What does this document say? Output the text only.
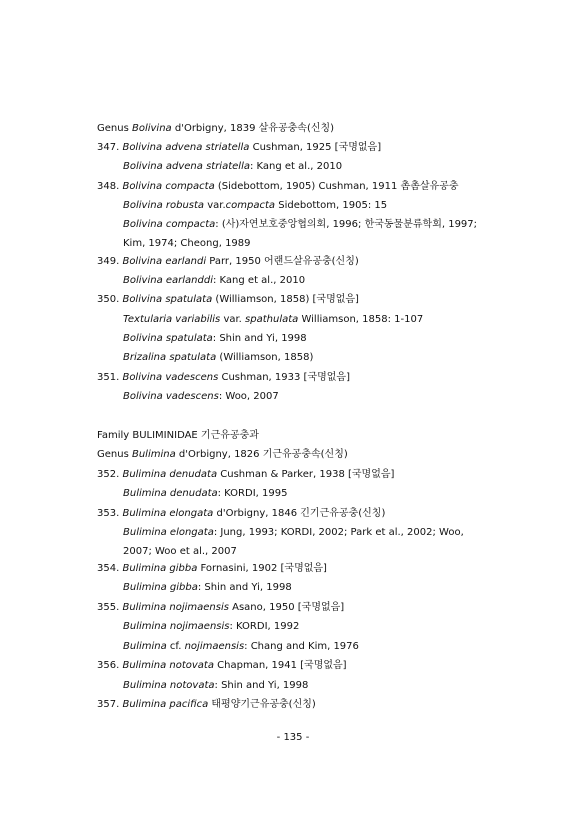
Genus Bolivina d'Orbigny, 1839 살유공충속(신칭)
347. Bolivina advena striatella Cushman, 1925 [국명없음]
Bolivina advena striatella: Kang et al., 2010
348. Bolivina compacta (Sidebottom, 1905) Cushman, 1911 촘촘살유공충
Bolivina robusta var.compacta Sidebottom, 1905: 15
Bolivina compacta: (사)자연보호중앙협의회, 1996; 한국동물분류학회, 1997; Kim, 1974; Cheong, 1989
349. Bolivina earlandi Parr, 1950 어랜드살유공충(신칭)
Bolivina earlanddi: Kang et al., 2010
350. Bolivina spatulata (Williamson, 1858) [국명없음]
Textularia variabilis var. spathulata Williamson, 1858: 1-107
Bolivina spatulata: Shin and Yi, 1998
Brizalina spatulata (Williamson, 1858)
351. Bolivina vadescens Cushman, 1933 [국명없음]
Bolivina vadescens: Woo, 2007
Family BULIMINIDAE 기근유공충과
Genus Bulimina d'Orbigny, 1826 기근유공충속(신칭)
352. Bulimina denudata Cushman & Parker, 1938 [국명없음]
Bulimina denudata: KORDI, 1995
353. Bulimina elongata d'Orbigny, 1846 긴기근유공충(신칭)
Bulimina elongata: Jung, 1993; KORDI, 2002; Park et al., 2002; Woo, 2007; Woo et al., 2007
354. Bulimina gibba Fornasini, 1902 [국명없음]
Bulimina gibba: Shin and Yi, 1998
355. Bulimina nojimaensis Asano, 1950 [국명없음]
Bulimina nojimaensis: KORDI, 1992
Bulimina cf. nojimaensis: Chang and Kim, 1976
356. Bulimina notovata Chapman, 1941 [국명없음]
Bulimina notovata: Shin and Yi, 1998
357. Bulimina pacifica 태평양기근유공충(신칭)
- 135 -
